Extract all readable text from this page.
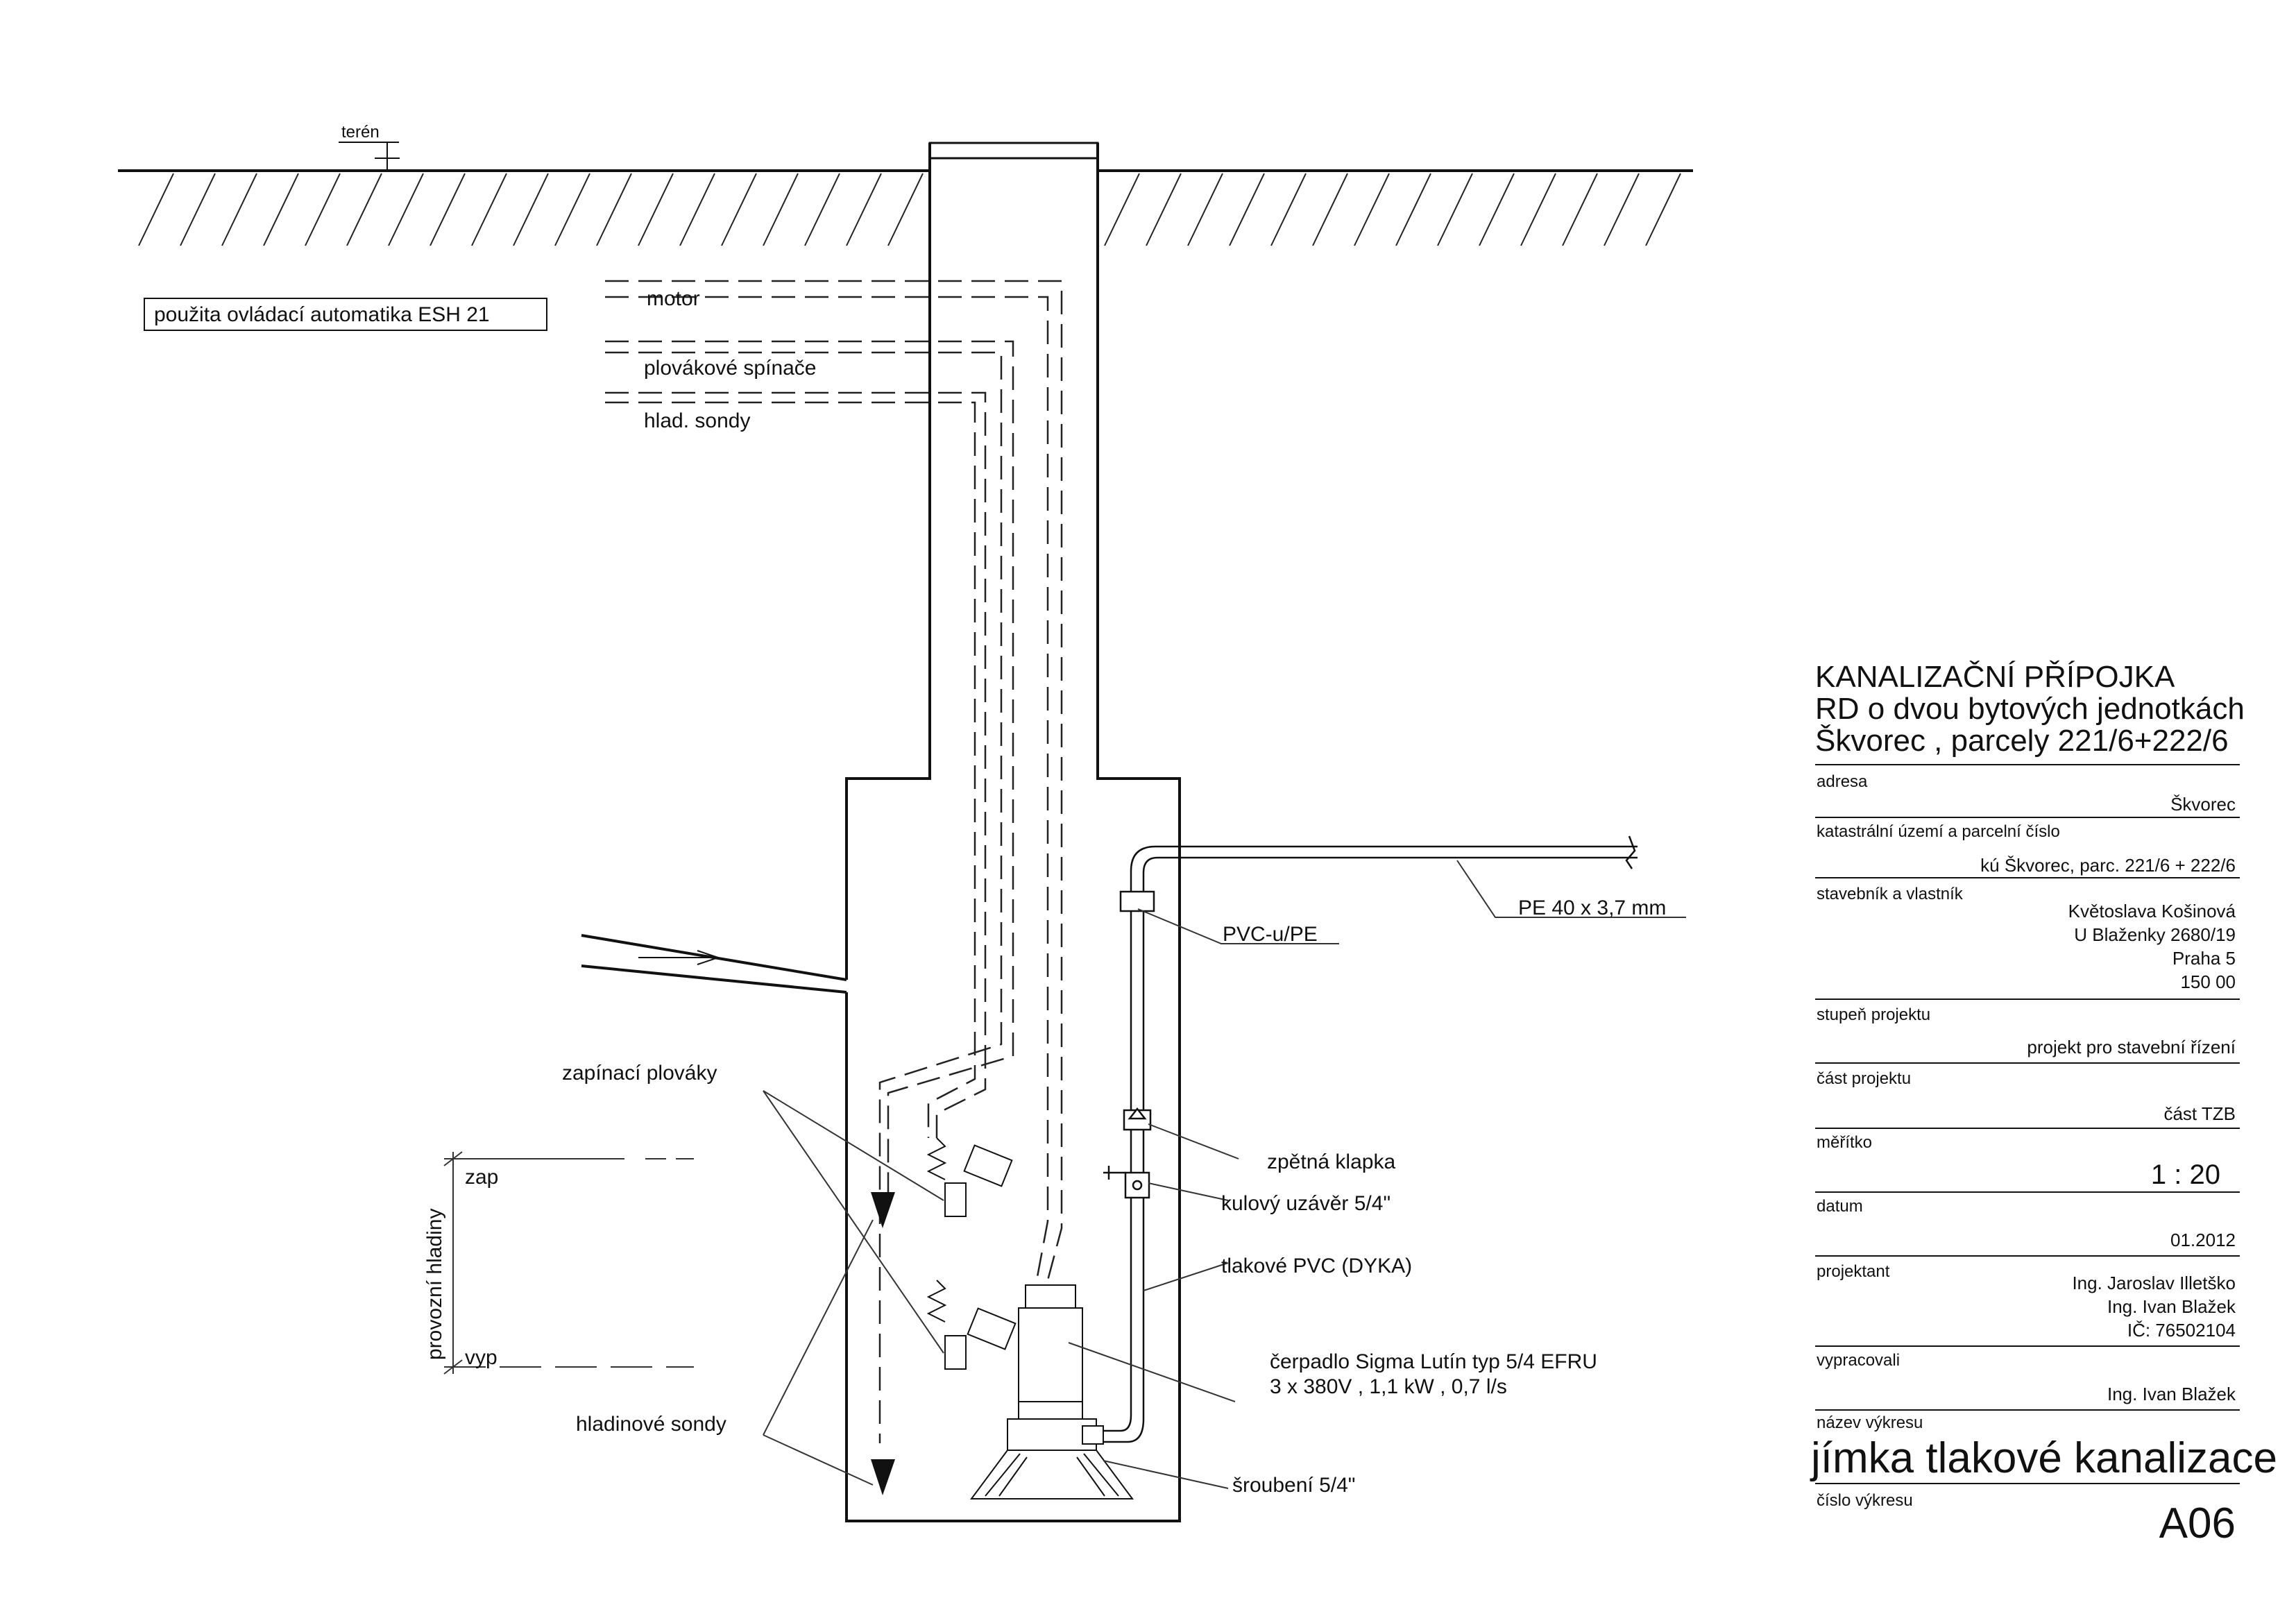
terén
použita ovládací automatika ESH 21
motor
plovákové spínače
hlad. sondy
zapínací plováky
zap
vyp
provozní hladiny
hladinové sondy
PVC-u/PE
PE 40 x 3,7 mm
zpětná klapka
kulový uzávěr 5/4"
tlakové PVC (DYKA)
čerpadlo Sigma Lutín typ 5/4 EFRU
3 x 380V , 1,1 kW , 0,7 l/s
šroubení 5/4"
KANALIZAČNÍ PŘÍPOJKA
RD o dvou bytových jednotkách
Škvorec , parcely 221/6+222/6
adresa
Škvorec
katastrální území a parcelní číslo
kú Škvorec, parc. 221/6 + 222/6
stavebník a vlastník
Květoslava Košinová
U Blaženky 2680/19
Praha 5
150 00
stupeň projektu
projekt pro stavební řízení
část projektu
část TZB
měřítko
1 : 20
datum
01.2012
projektant
Ing. Jaroslav Illetško
Ing. Ivan Blažek
IČ: 76502104
vypracovali
Ing. Ivan Blažek
název výkresu
jímka tlakové kanalizace
číslo výkresu	A06
